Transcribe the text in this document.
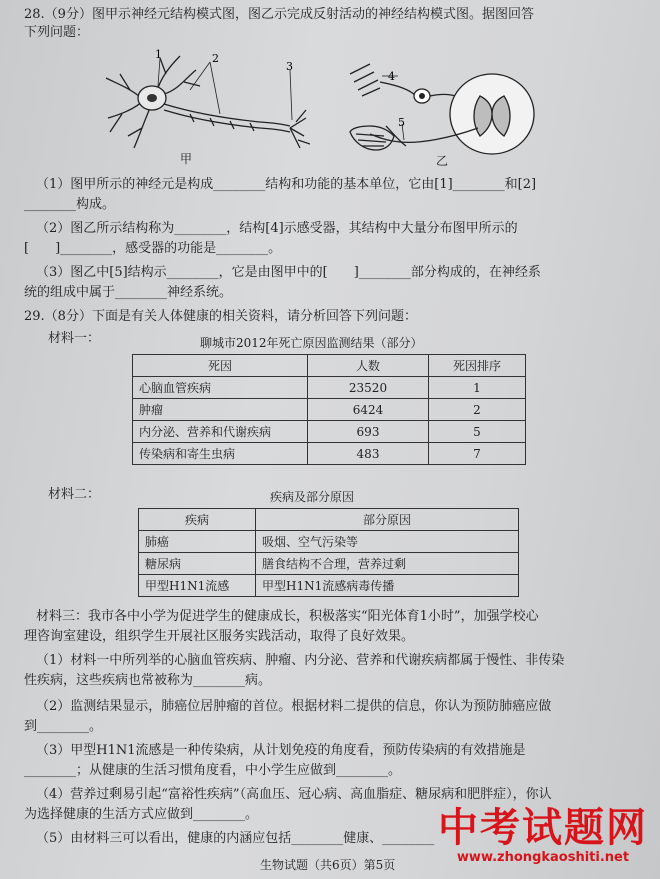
28.（9分）图甲示神经元结构模式图，图乙示完成反射活动的神经结构模式图。据图回答
下列问题：
1	2
3
甲
4
5
乙
（1）图甲所示的神经元是构成________结构和功能的基本单位，它由[1]________和[2]
________构成。
（2）图乙所示结构称为________，结构[4]示感受器，其结构中大量分布图甲所示的
[　　]________，感受器的功能是________。
（3）图乙中[5]结构示________，它是由图甲中的[　　]________部分构成的，在神经系
统的组成中属于________神经系统。
29.（8分）下面是有关人体健康的相关资料，请分析回答下列问题：
材料一：	聊城市2012年死亡原因监测结果（部分）
死因	人数	死因排序
心脑血管疾病	23520	1
肿瘤	6424	2
内分泌、营养和代谢疾病	693	5
传染病和寄生虫病	483	7
材料二：	疾病及部分原因
疾病	部分原因
肺癌	吸烟、空气污染等
糖尿病	膳食结构不合理，营养过剩
甲型H1N1流感	甲型H1N1流感病毒传播
材料三：我市各中小学为促进学生的健康成长，积极落实“阳光体育1小时”，加强学校心
理咨询室建设，组织学生开展社区服务实践活动，取得了良好效果。
（1）材料一中所列举的心脑血管疾病、肿瘤、内分泌、营养和代谢疾病都属于慢性、非传染
性疾病，这些疾病也常被称为________病。
（2）监测结果显示，肺癌位居肿瘤的首位。根据材料二提供的信息，你认为预防肺癌应做
到________。
（3）甲型H1N1流感是一种传染病，从计划免疫的角度看，预防传染病的有效措施是
________；从健康的生活习惯角度看，中小学生应做到________。
（4）营养过剩易引起“富裕性疾病”（高血压、冠心病、高血脂症、糖尿病和肥胖症），你认
为选择健康的生活方式应做到________。
（5）由材料三可以看出，健康的内涵应包括________健康、________
生物试题（共6页）第5页
中考试题网
www.zhongkaoshiti.net
